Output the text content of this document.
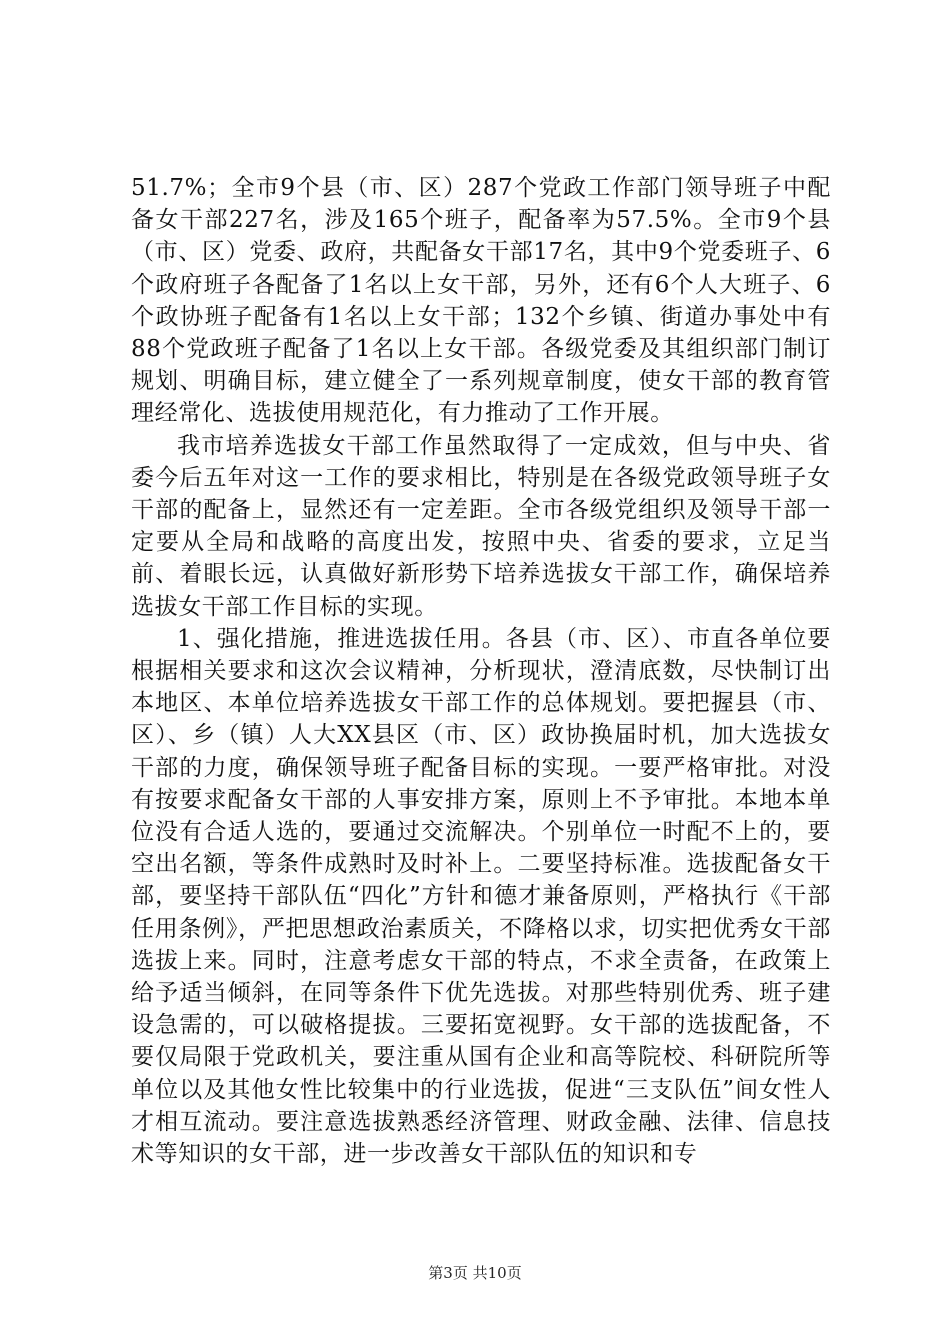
51.7%；全市9个县（市、区）287个党政工作部门领导班子中配备女干部227名，涉及165个班子，配备率为57.5%。全市9个县（市、区）党委、政府，共配备女干部17名，其中9个党委班子、6个政府班子各配备了1名以上女干部，另外，还有6个人大班子、6个政协班子配备有1名以上女干部；132个乡镇、街道办事处中有88个党政班子配备了1名以上女干部。各级党委及其组织部门制订规划、明确目标，建立健全了一系列规章制度，使女干部的教育管理经常化、选拔使用规范化，有力推动了工作开展。

我市培养选拔女干部工作虽然取得了一定成效，但与中央、省委今后五年对这一工作的要求相比，特别是在各级党政领导班子女干部的配备上，显然还有一定差距。全市各级党组织及领导干部一定要从全局和战略的高度出发，按照中央、省委的要求，立足当前、着眼长远，认真做好新形势下培养选拔女干部工作，确保培养选拔女干部工作目标的实现。

1、强化措施，推进选拔任用。各县（市、区）、市直各单位要根据相关要求和这次会议精神，分析现状，澄清底数，尽快制订出本地区、本单位培养选拔女干部工作的总体规划。要把握县（市、区）、乡（镇）人大XX县区（市、区）政协换届时机，加大选拔女干部的力度，确保领导班子配备目标的实现。一要严格审批。对没有按要求配备女干部的人事安排方案，原则上不予审批。本地本单位没有合适人选的，要通过交流解决。个别单位一时配不上的，要空出名额，等条件成熟时及时补上。二要坚持标准。选拔配备女干部，要坚持干部队伍“四化”方针和德才兼备原则，严格执行《干部任用条例》，严把思想政治素质关，不降格以求，切实把优秀女干部选拔上来。同时，注意考虑女干部的特点，不求全责备，在政策上给予适当倾斜，在同等条件下优先选拔。对那些特别优秀、班子建设急需的，可以破格提拔。三要拓宽视野。女干部的选拔配备，不要仅局限于党政机关，要注重从国有企业和高等院校、科研院所等单位以及其他女性比较集中的行业选拔，促进“三支队伍”间女性人才相互流动。要注意选拔熟悉经济管理、财政金融、法律、信息技术等知识的女干部，进一步改善女干部队伍的知识和专

第3页 共10页
